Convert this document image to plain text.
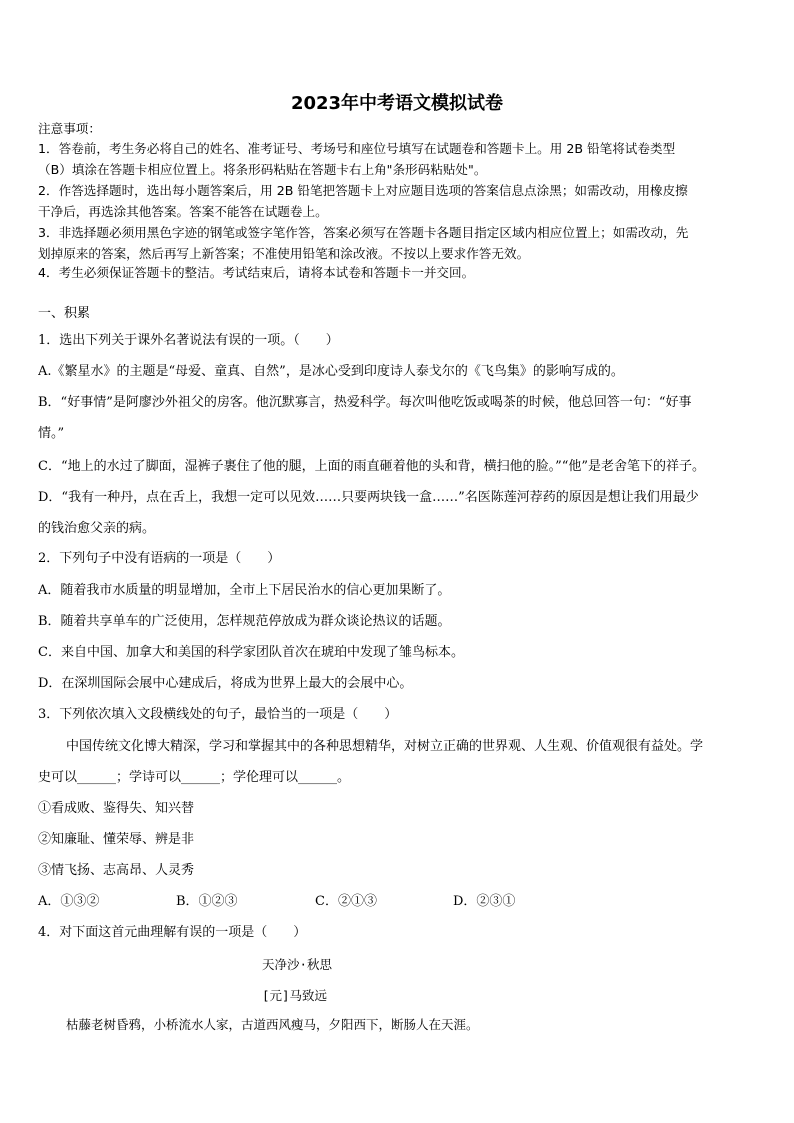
2023年中考语文模拟试卷
注意事项：
1．答卷前，考生务必将自己的姓名、准考证号、考场号和座位号填写在试题卷和答题卡上。用 2B 铅笔将试卷类型
（B）填涂在答题卡相应位置上。将条形码粘贴在答题卡右上角"条形码粘贴处"。
2．作答选择题时，选出每小题答案后，用 2B 铅笔把答题卡上对应题目选项的答案信息点涂黑；如需改动，用橡皮擦
干净后，再选涂其他答案。答案不能答在试题卷上。
3．非选择题必须用黑色字迹的钢笔或签字笔作答，答案必须写在答题卡各题目指定区域内相应位置上；如需改动，先
划掉原来的答案，然后再写上新答案；不准使用铅笔和涂改液。不按以上要求作答无效。
4．考生必须保证答题卡的整洁。考试结束后，请将本试卷和答题卡一并交回。
一、积累
1．选出下列关于课外名著说法有误的一项。（　　）
A.《繁星水》的主题是“母爱、童真、自然”，是冰心受到印度诗人泰戈尔的《飞鸟集》的影响写成的。
B．“好事情”是阿廖沙外祖父的房客。他沉默寡言，热爱科学。每次叫他吃饭或喝茶的时候，他总回答一句：“好事
情。”
C．“地上的水过了脚面，湿裤子裹住了他的腿，上面的雨直砸着他的头和背，横扫他的脸。”“他”是老舍笔下的祥子。
D．“我有一种丹，点在舌上，我想一定可以见效……只要两块钱一盒……”名医陈莲河荐药的原因是想让我们用最少
的钱治愈父亲的病。
2．下列句子中没有语病的一项是（　　）
A．随着我市水质量的明显增加，全市上下居民治水的信心更加果断了。
B．随着共享单车的广泛使用，怎样规范停放成为群众谈论热议的话题。
C．来自中国、加拿大和美国的科学家团队首次在琥珀中发现了雏鸟标本。
D．在深圳国际会展中心建成后，将成为世界上最大的会展中心。
3．下列依次填入文段横线处的句子，最恰当的一项是（　　）
中国传统文化博大精深，学习和掌握其中的各种思想精华，对树立正确的世界观、人生观、价值观很有益处。学
史可以______；学诗可以______；学伦理可以______。
①看成败、鉴得失、知兴替
②知廉耻、懂荣辱、辨是非
③情飞扬、志高昂、人灵秀
A．①③②	B．①②③	C．②①③	D．②③①
4．对下面这首元曲理解有误的一项是（　　）
天净沙·秋思
[元]马致远
枯藤老树昏鸦，小桥流水人家，古道西风瘦马，夕阳西下，断肠人在天涯。
